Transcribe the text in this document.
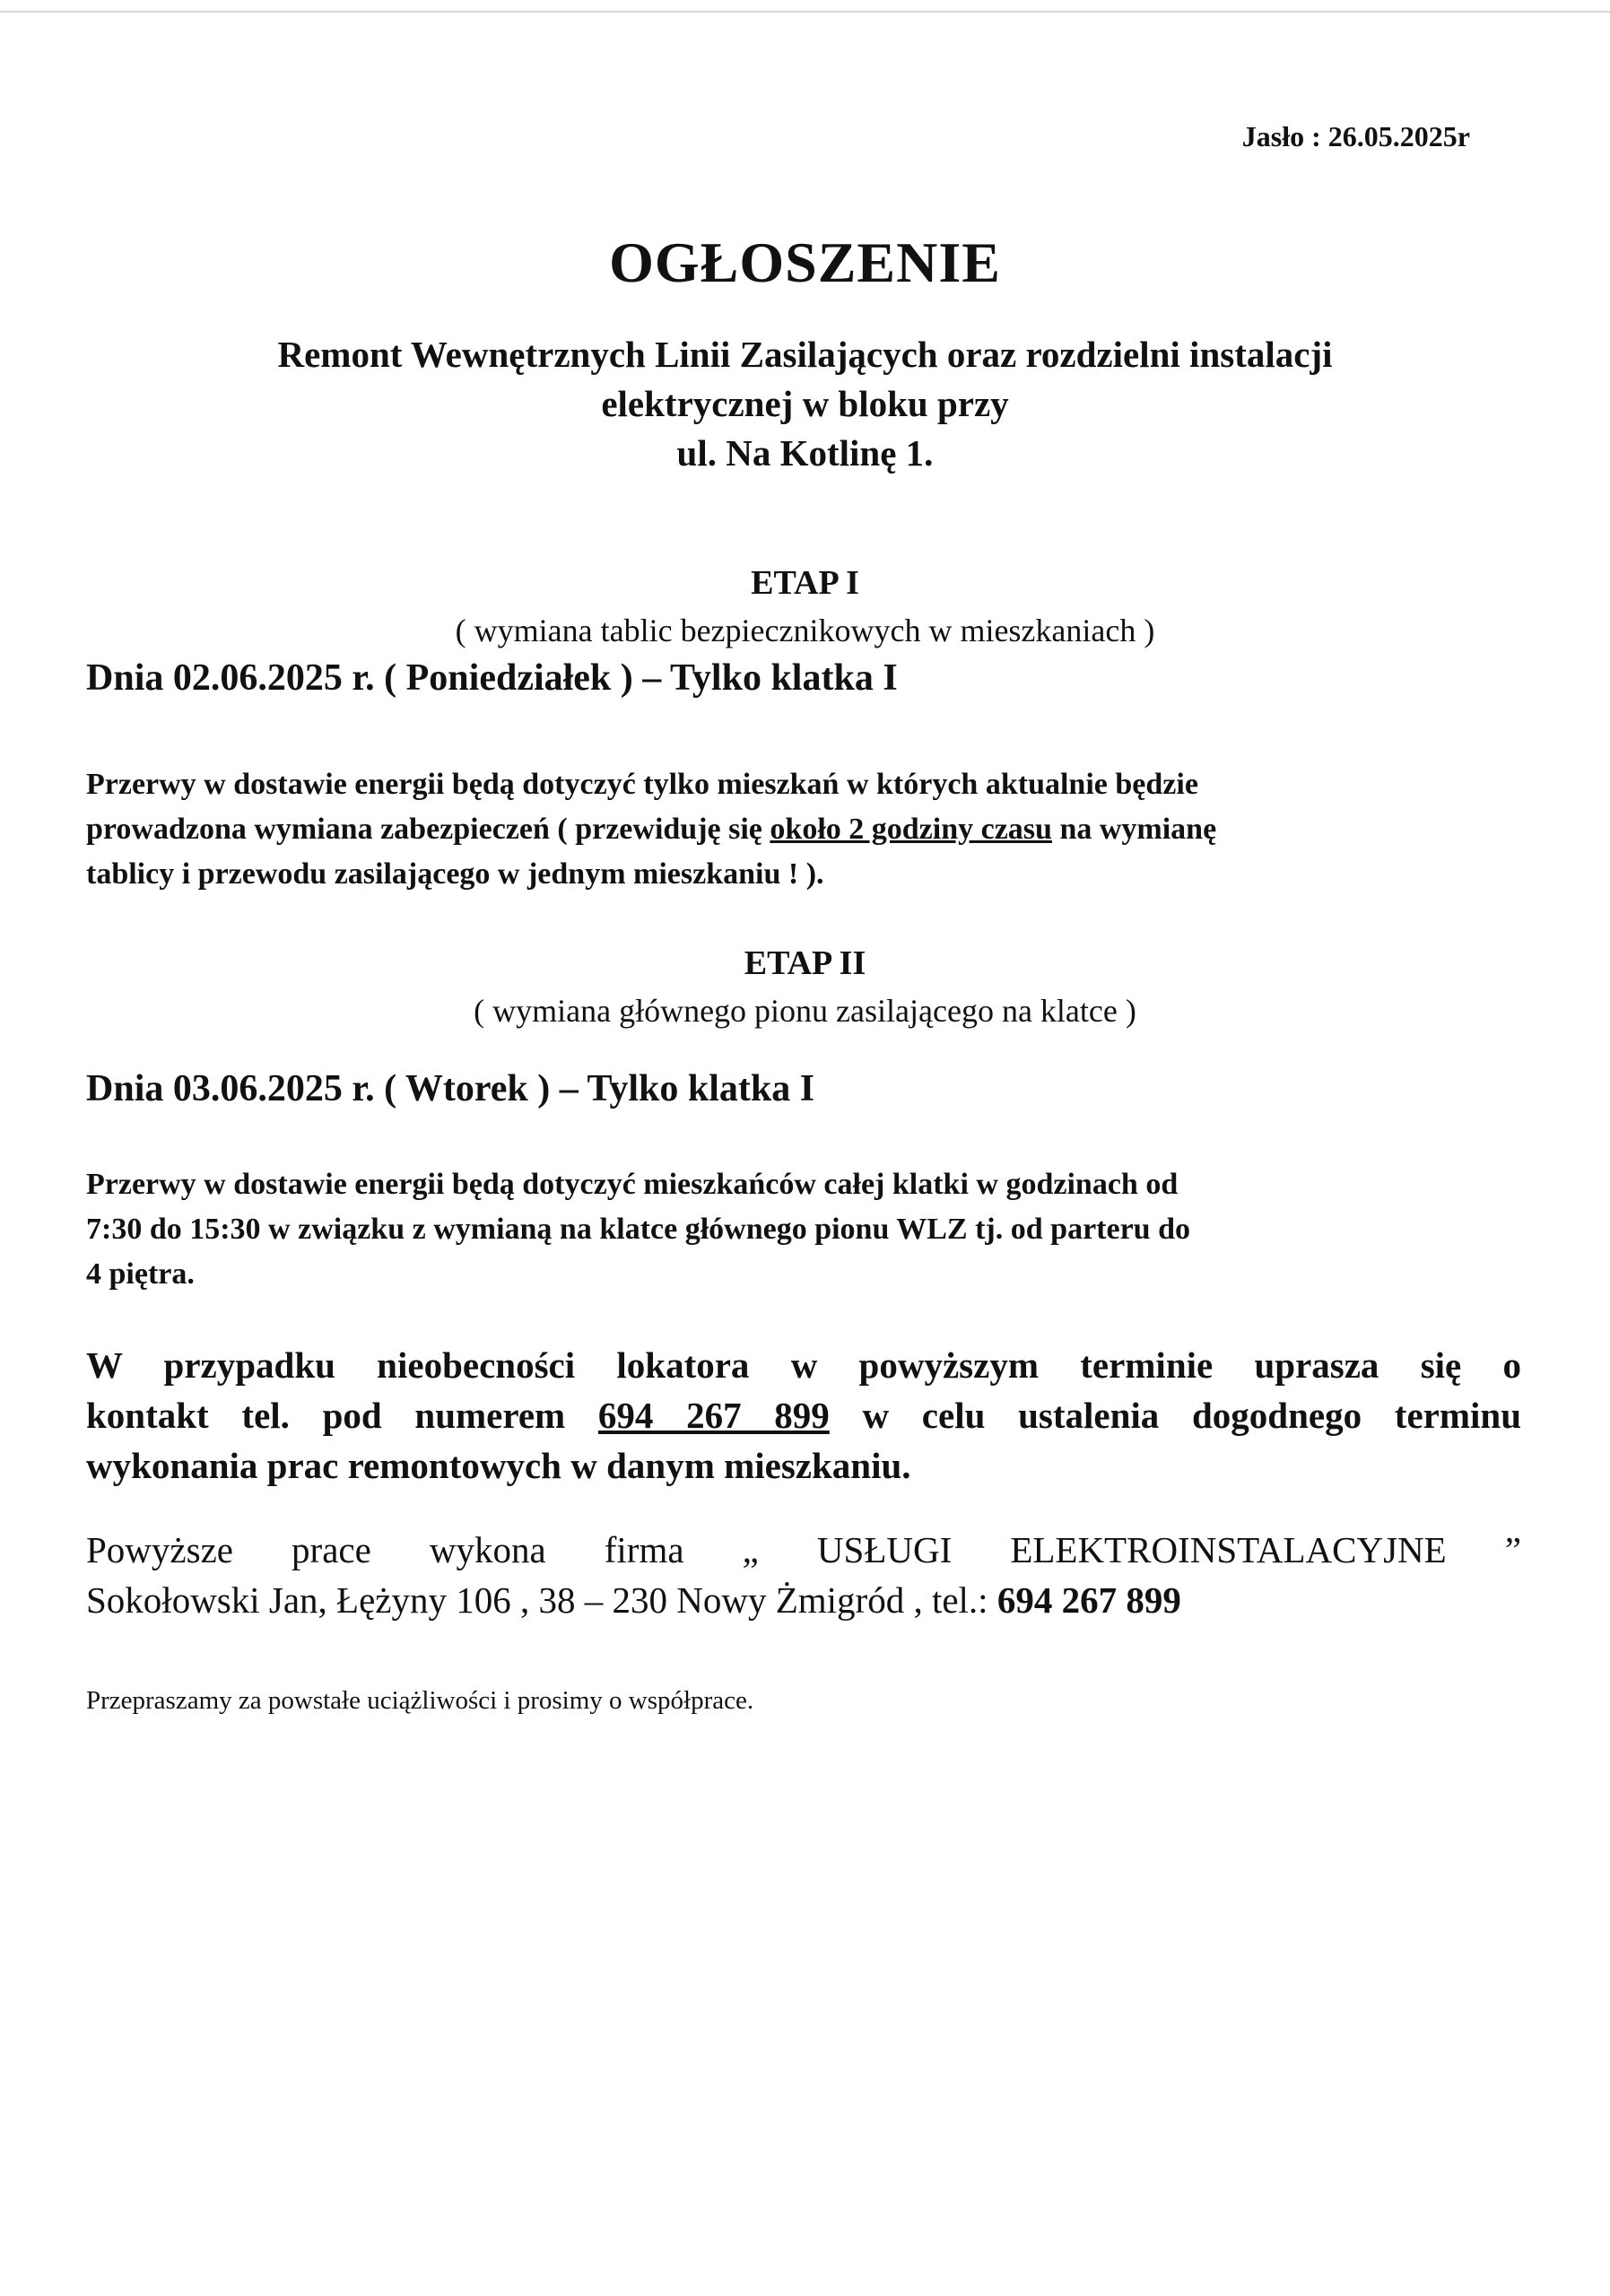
Jasło : 26.05.2025r
OGŁOSZENIE
Remont Wewnętrznych Linii Zasilających oraz rozdzielni instalacji
elektrycznej w bloku przy
ul. Na Kotlinę 1.
ETAP I
( wymiana tablic bezpiecznikowych w mieszkaniach )
Dnia 02.06.2025 r. ( Poniedziałek ) – Tylko klatka I
Przerwy w dostawie energii będą dotyczyć tylko mieszkań w których aktualnie będzie
prowadzona wymiana zabezpieczeń ( przewiduję się około 2 godziny czasu na wymianę
tablicy i przewodu zasilającego w jednym mieszkaniu ! ).
ETAP II
( wymiana głównego pionu zasilającego na klatce )
Dnia 03.06.2025 r. ( Wtorek ) – Tylko klatka I
Przerwy w dostawie energii będą dotyczyć mieszkańców całej klatki w godzinach od
7:30 do 15:30 w związku z wymianą na klatce głównego pionu WLZ tj. od parteru do
4 piętra.
W przypadku nieobecności lokatora w powyższym terminie uprasza się o
kontakt tel. pod numerem 694 267 899 w celu ustalenia dogodnego terminu
wykonania prac remontowych w danym mieszkaniu.
Powyższe prace wykona firma „ USŁUGI ELEKTROINSTALACYJNE ”
Sokołowski Jan, Łężyny 106 , 38 – 230 Nowy Żmigród , tel.: 694 267 899
Przepraszamy za powstałe uciążliwości i prosimy o współprace.
